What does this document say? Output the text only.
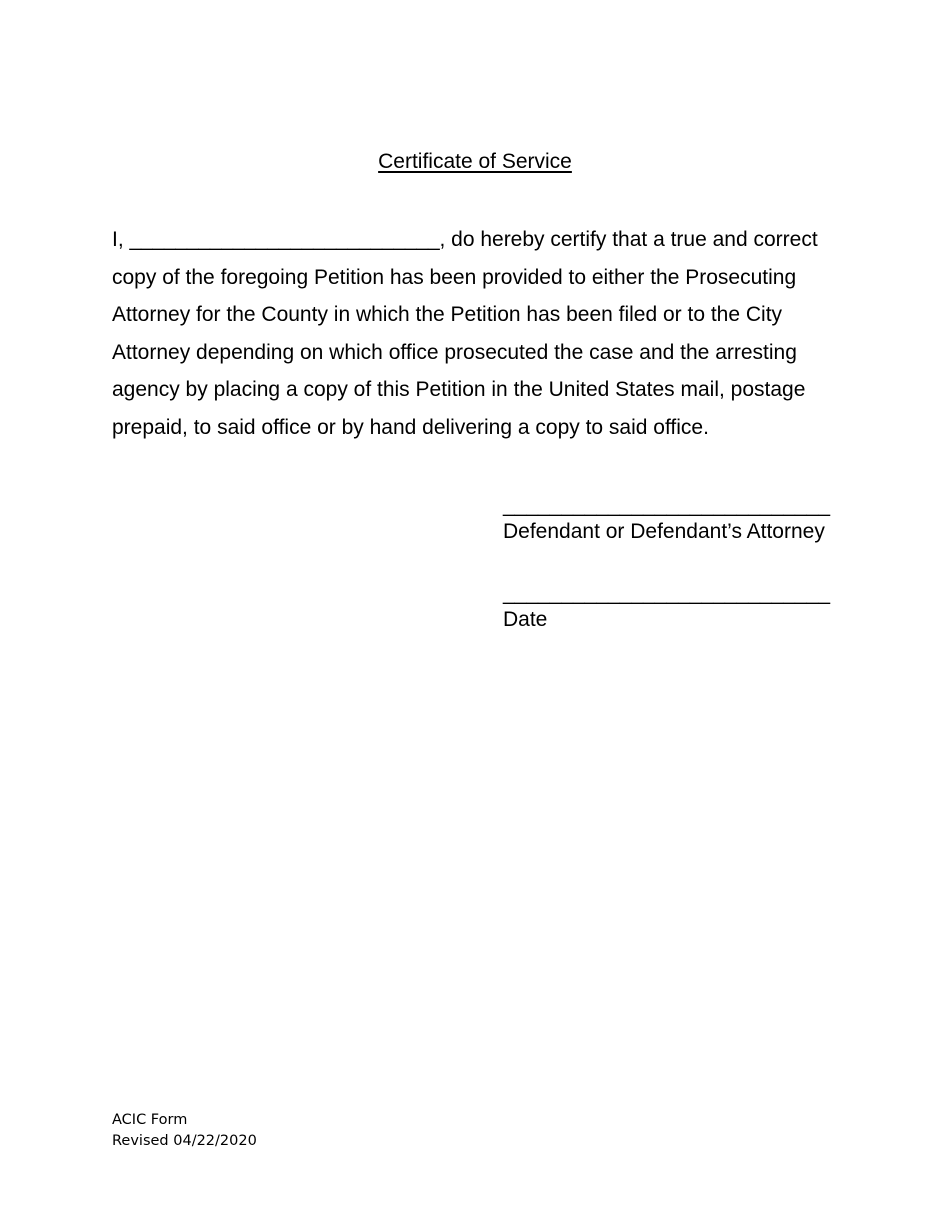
Certificate of Service
I, ___________________________, do hereby certify that a true and correct copy of the foregoing Petition has been provided to either the Prosecuting Attorney for the County in which the Petition has been filed or to the City Attorney depending on which office prosecuted the case and the arresting agency by placing a copy of this Petition in the United States mail, postage prepaid, to said office or by hand delivering a copy to said office.
____________________________
Defendant or Defendant’s Attorney
____________________________
Date
ACIC Form
Revised 04/22/2020
